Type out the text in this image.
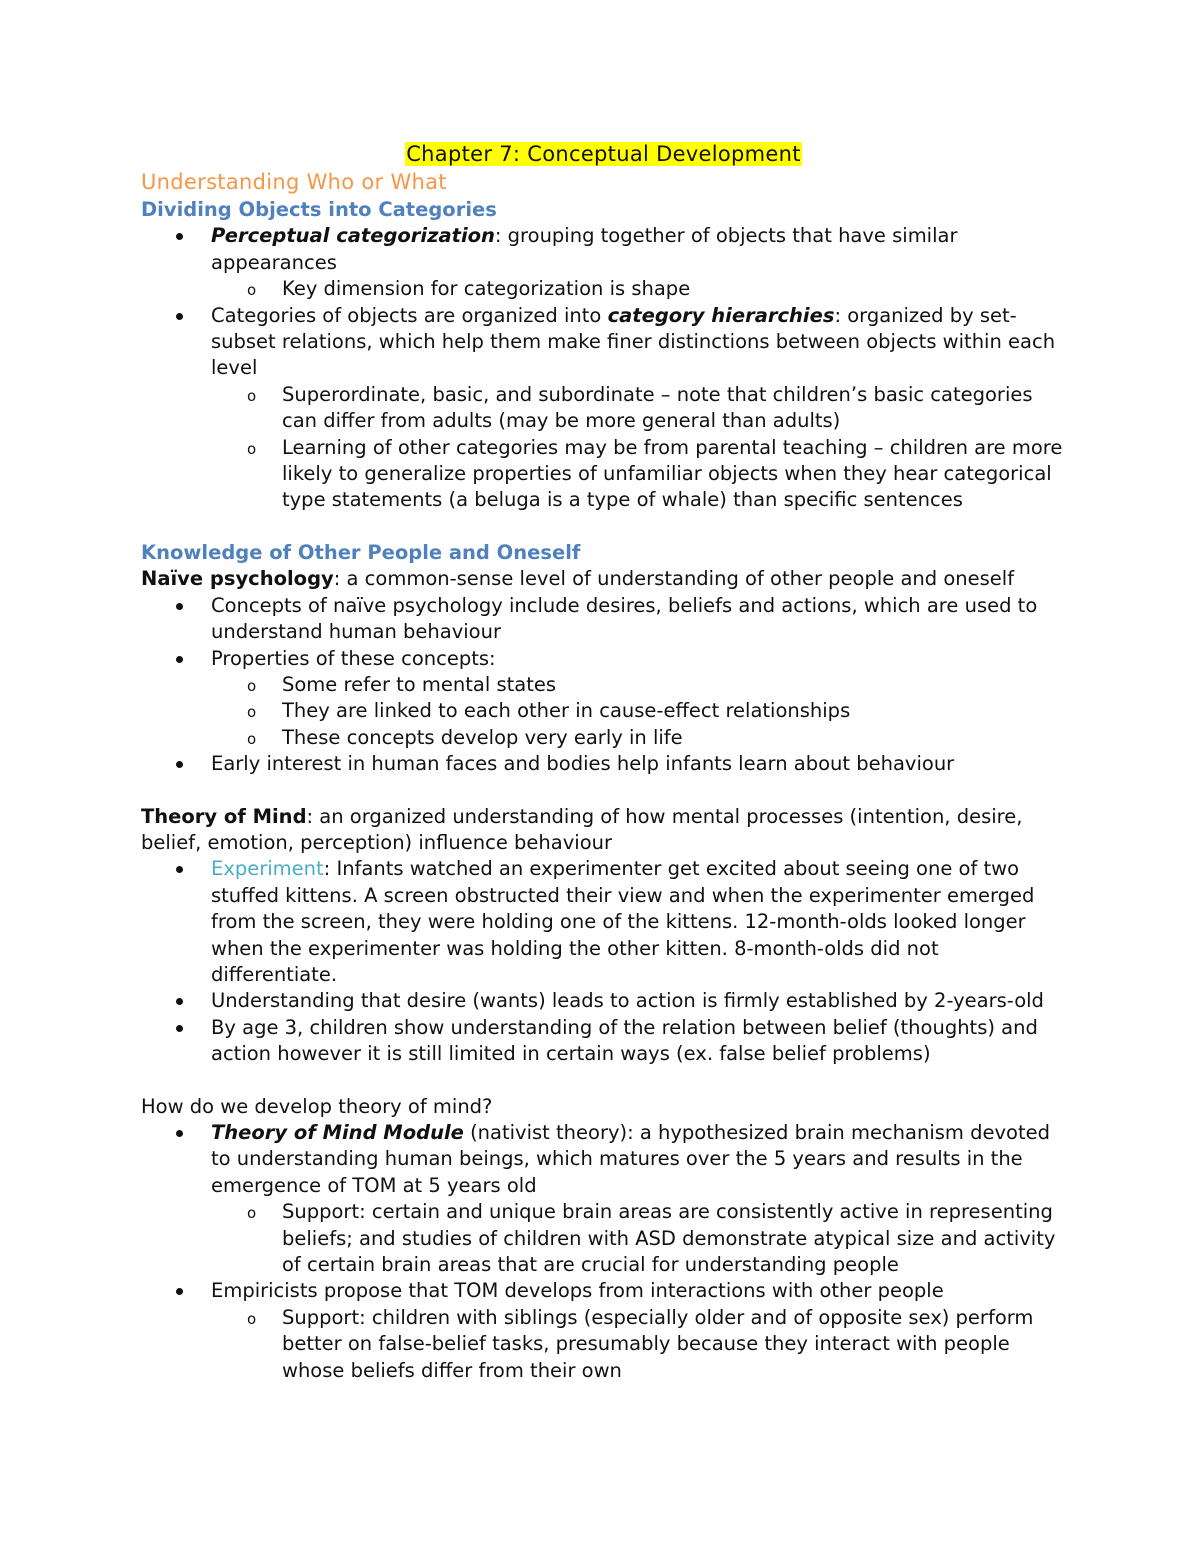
Chapter 7: Conceptual Development
Understanding Who or What
Dividing Objects into Categories
Perceptual categorization: grouping together of objects that have similar appearances
o Key dimension for categorization is shape
Categories of objects are organized into category hierarchies: organized by set-subset relations, which help them make finer distinctions between objects within each level
o Superordinate, basic, and subordinate – note that children’s basic categories can differ from adults (may be more general than adults)
o Learning of other categories may be from parental teaching – children are more likely to generalize properties of unfamiliar objects when they hear categorical type statements (a beluga is a type of whale) than specific sentences
Knowledge of Other People and Oneself
Naïve psychology: a common-sense level of understanding of other people and oneself
Concepts of naïve psychology include desires, beliefs and actions, which are used to understand human behaviour
Properties of these concepts:
o Some refer to mental states
o They are linked to each other in cause-effect relationships
o These concepts develop very early in life
Early interest in human faces and bodies help infants learn about behaviour
Theory of Mind: an organized understanding of how mental processes (intention, desire, belief, emotion, perception) influence behaviour
Experiment: Infants watched an experimenter get excited about seeing one of two stuffed kittens. A screen obstructed their view and when the experimenter emerged from the screen, they were holding one of the kittens. 12-month-olds looked longer when the experimenter was holding the other kitten. 8-month-olds did not differentiate.
Understanding that desire (wants) leads to action is firmly established by 2-years-old
By age 3, children show understanding of the relation between belief (thoughts) and action however it is still limited in certain ways (ex. false belief problems)
How do we develop theory of mind?
Theory of Mind Module (nativist theory): a hypothesized brain mechanism devoted to understanding human beings, which matures over the 5 years and results in the emergence of TOM at 5 years old
o Support: certain and unique brain areas are consistently active in representing beliefs; and studies of children with ASD demonstrate atypical size and activity of certain brain areas that are crucial for understanding people
Empiricists propose that TOM develops from interactions with other people
o Support: children with siblings (especially older and of opposite sex) perform better on false-belief tasks, presumably because they interact with people whose beliefs differ from their own
